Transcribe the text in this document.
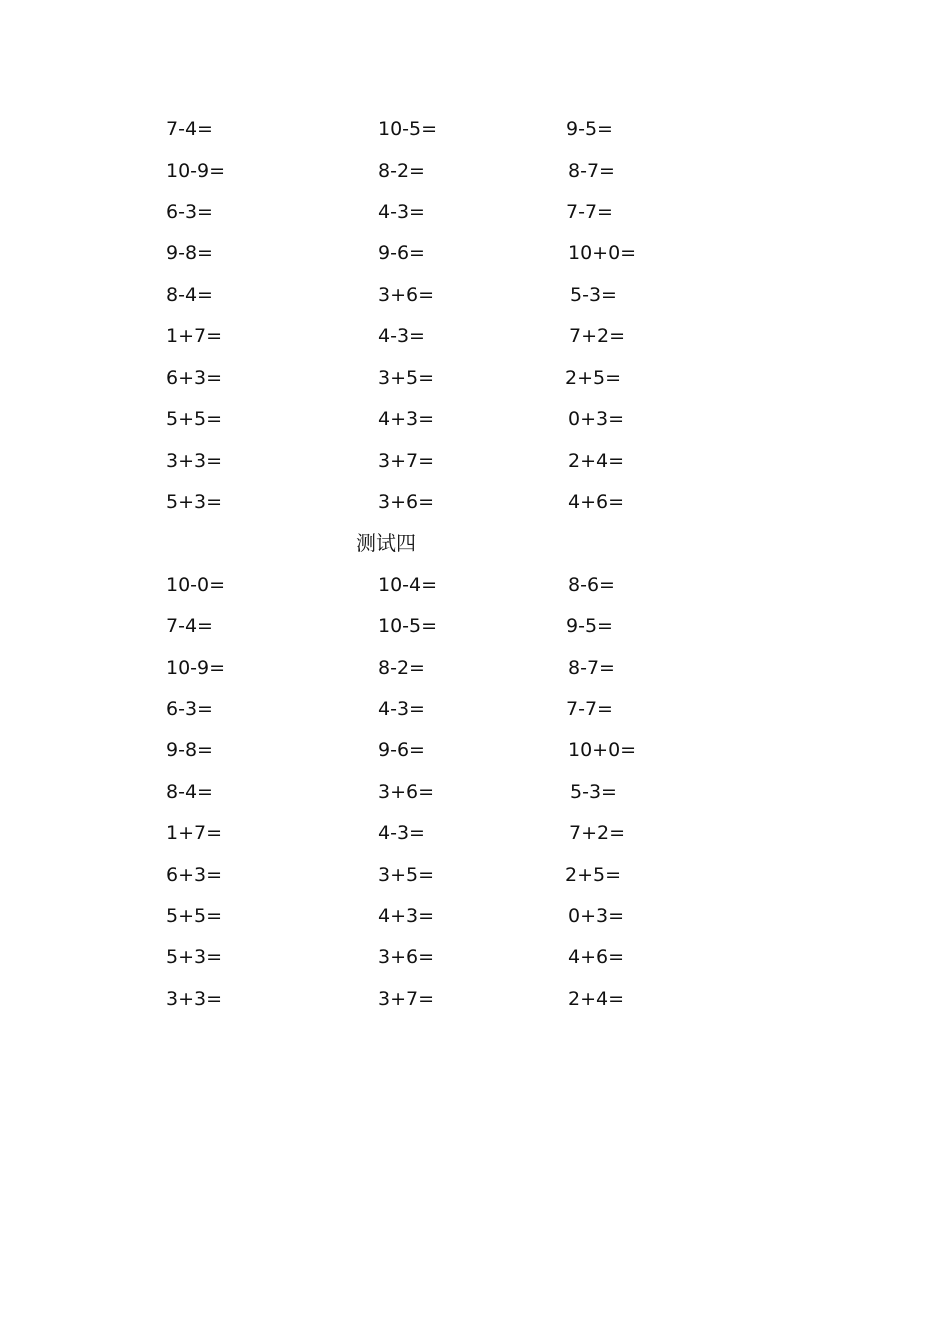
7-4=	10-5=	9-5=
10-9=	8-2=	8-7=
6-3=	4-3=	7-7=
9-8=	9-6=	10+0=
8-4=	3+6=	5-3=
1+7=	4-3=	7+2=
6+3=	3+5=	2+5=
5+5=	4+3=	0+3=
3+3=	3+7=	2+4=
5+3=	3+6=	4+6=
测试四
10-0=	10-4=	8-6=
7-4=	10-5=	9-5=
10-9=	8-2=	8-7=
6-3=	4-3=	7-7=
9-8=	9-6=	10+0=
8-4=	3+6=	5-3=
1+7=	4-3=	7+2=
6+3=	3+5=	2+5=
5+5=	4+3=	0+3=
5+3=	3+6=	4+6=
3+3=	3+7=	2+4=
